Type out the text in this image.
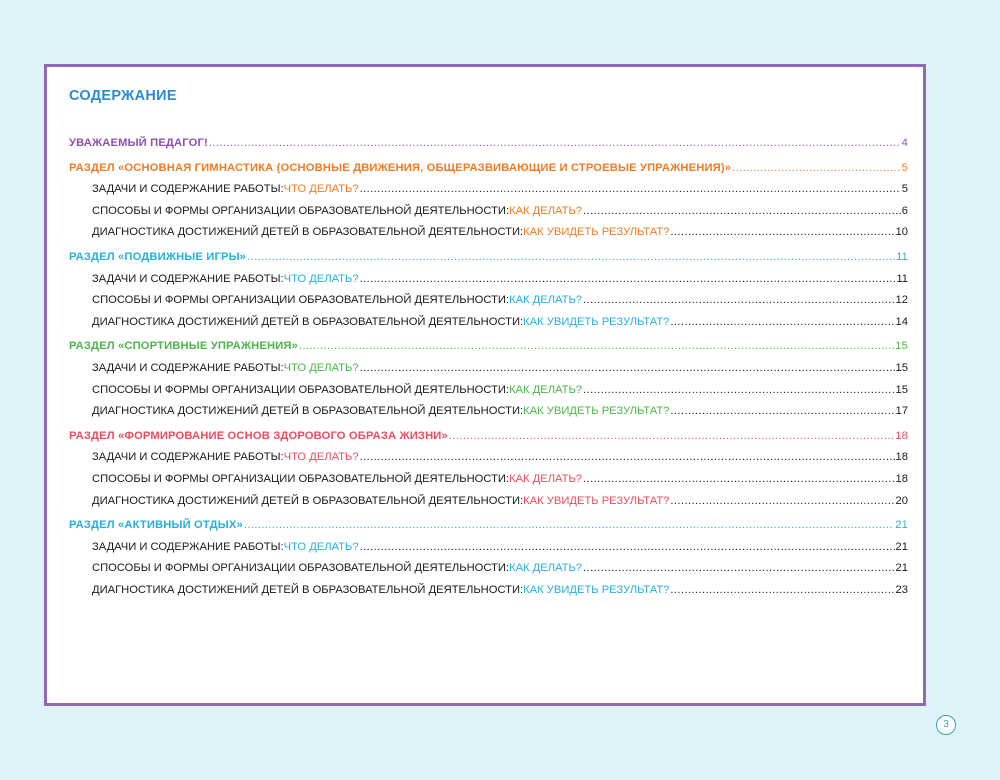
СОДЕРЖАНИЕ
УВАЖАЕМЫЙ ПЕДАГОГ! .....	4
РАЗДЕЛ «ОСНОВНАЯ ГИМНАСТИКА (ОСНОВНЫЕ ДВИЖЕНИЯ, ОБЩЕРАЗВИВАЮЩИЕ И СТРОЕВЫЕ УПРАЖНЕНИЯ)» .....	5
ЗАДАЧИ И СОДЕРЖАНИЕ РАБОТЫ: ЧТО ДЕЛАТЬ? .....	5
СПОСОБЫ И ФОРМЫ ОРГАНИЗАЦИИ ОБРАЗОВАТЕЛЬНОЙ ДЕЯТЕЛЬНОСТИ: КАК ДЕЛАТЬ? .....	6
ДИАГНОСТИКА ДОСТИЖЕНИЙ ДЕТЕЙ В ОБРАЗОВАТЕЛЬНОЙ ДЕЯТЕЛЬНОСТИ: КАК УВИДЕТЬ РЕЗУЛЬТАТ? .....	10
РАЗДЕЛ «ПОДВИЖНЫЕ ИГРЫ» .....	11
ЗАДАЧИ И СОДЕРЖАНИЕ РАБОТЫ: ЧТО ДЕЛАТЬ? .....	11
СПОСОБЫ И ФОРМЫ ОРГАНИЗАЦИИ ОБРАЗОВАТЕЛЬНОЙ ДЕЯТЕЛЬНОСТИ: КАК ДЕЛАТЬ? .....	12
ДИАГНОСТИКА ДОСТИЖЕНИЙ ДЕТЕЙ В ОБРАЗОВАТЕЛЬНОЙ ДЕЯТЕЛЬНОСТИ: КАК УВИДЕТЬ РЕЗУЛЬТАТ? .....	14
РАЗДЕЛ «СПОРТИВНЫЕ УПРАЖНЕНИЯ» .....	15
ЗАДАЧИ И СОДЕРЖАНИЕ РАБОТЫ: ЧТО ДЕЛАТЬ? .....	15
СПОСОБЫ И ФОРМЫ ОРГАНИЗАЦИИ ОБРАЗОВАТЕЛЬНОЙ ДЕЯТЕЛЬНОСТИ: КАК ДЕЛАТЬ? .....	15
ДИАГНОСТИКА ДОСТИЖЕНИЙ ДЕТЕЙ В ОБРАЗОВАТЕЛЬНОЙ ДЕЯТЕЛЬНОСТИ: КАК УВИДЕТЬ РЕЗУЛЬТАТ? .....	17
РАЗДЕЛ «ФОРМИРОВАНИЕ ОСНОВ ЗДОРОВОГО ОБРАЗА ЖИЗНИ» .....	18
ЗАДАЧИ И СОДЕРЖАНИЕ РАБОТЫ: ЧТО ДЕЛАТЬ? .....	18
СПОСОБЫ И ФОРМЫ ОРГАНИЗАЦИИ ОБРАЗОВАТЕЛЬНОЙ ДЕЯТЕЛЬНОСТИ: КАК ДЕЛАТЬ? .....	18
ДИАГНОСТИКА ДОСТИЖЕНИЙ ДЕТЕЙ В ОБРАЗОВАТЕЛЬНОЙ ДЕЯТЕЛЬНОСТИ: КАК УВИДЕТЬ РЕЗУЛЬТАТ? .....	20
РАЗДЕЛ «АКТИВНЫЙ ОТДЫХ» .....	21
ЗАДАЧИ И СОДЕРЖАНИЕ РАБОТЫ: ЧТО ДЕЛАТЬ? .....	21
СПОСОБЫ И ФОРМЫ ОРГАНИЗАЦИИ ОБРАЗОВАТЕЛЬНОЙ ДЕЯТЕЛЬНОСТИ: КАК ДЕЛАТЬ? .....	21
ДИАГНОСТИКА ДОСТИЖЕНИЙ ДЕТЕЙ В ОБРАЗОВАТЕЛЬНОЙ ДЕЯТЕЛЬНОСТИ: КАК УВИДЕТЬ РЕЗУЛЬТАТ? .....	23
3
